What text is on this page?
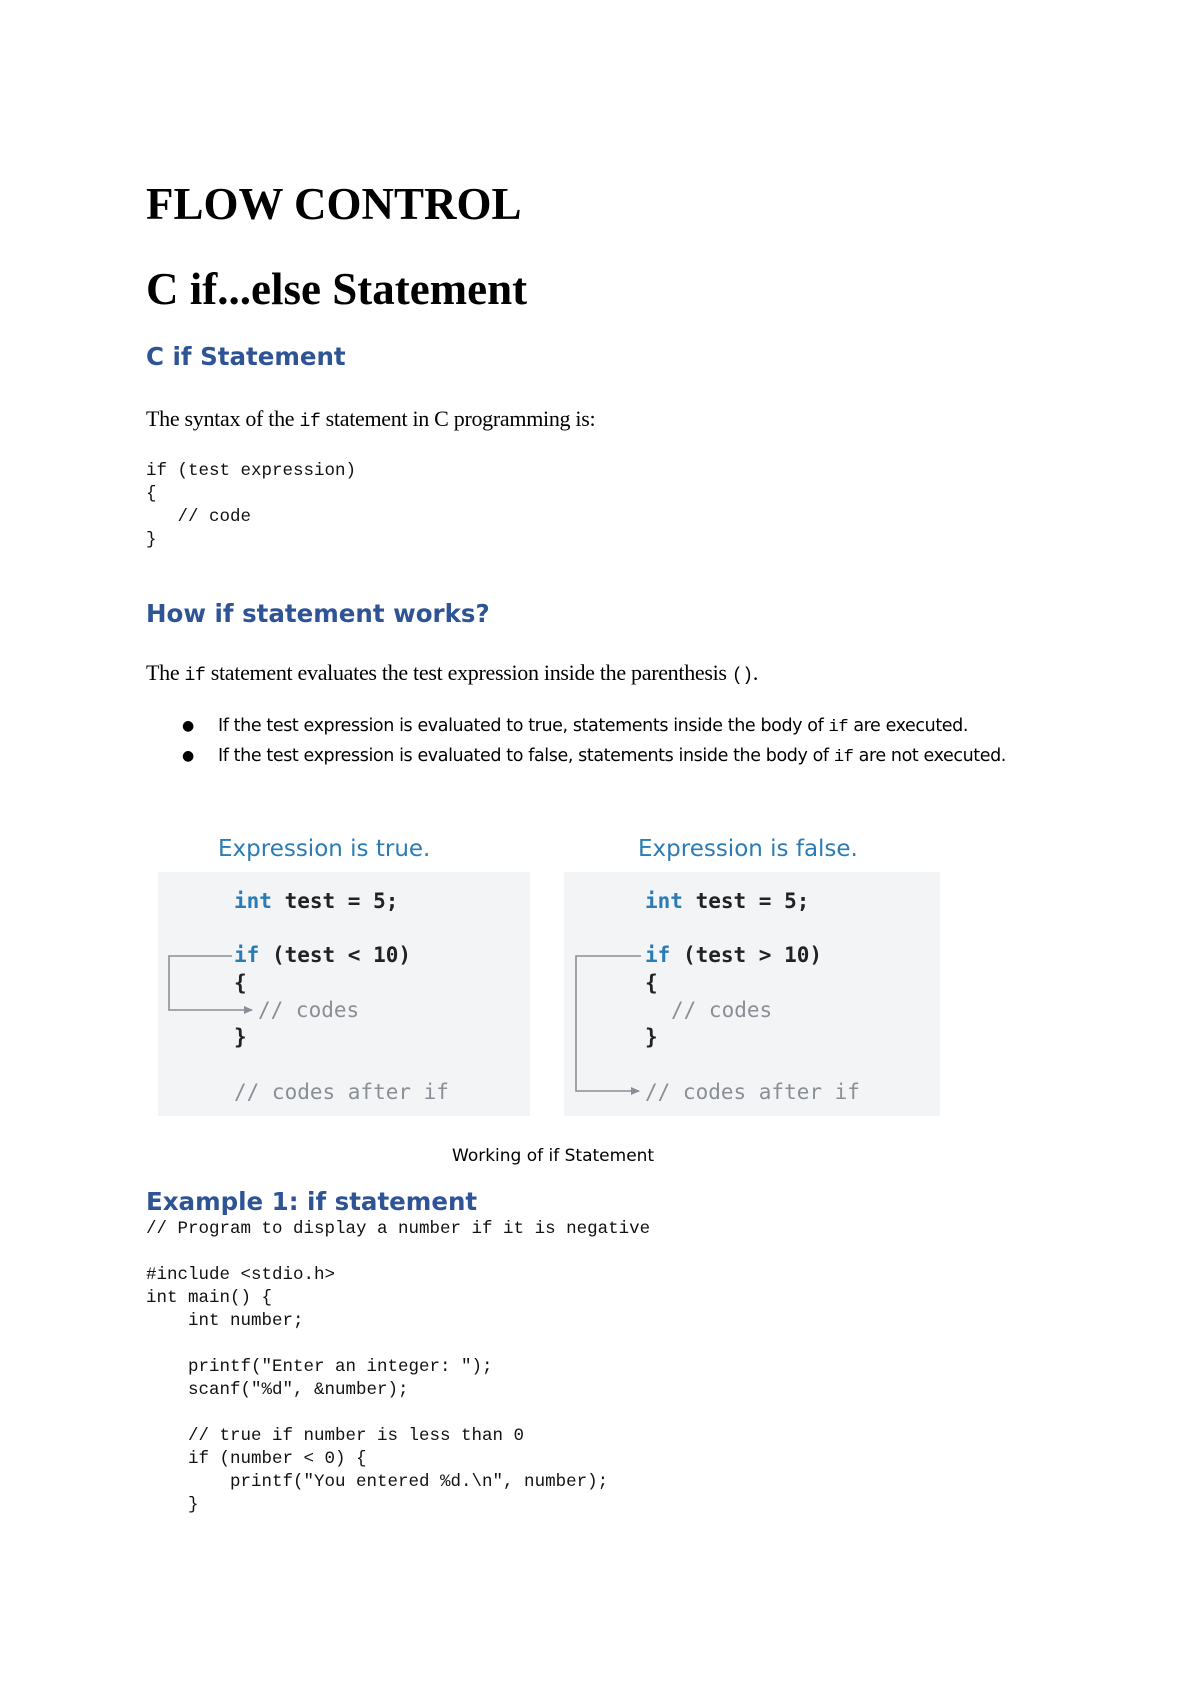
FLOW CONTROL
C if...else Statement
C if Statement

The syntax of the if statement in C programming is:

if (test expression)
{
// code
}
How if statement works?

The if statement evaluates the test expression inside the parenthesis ().

● If the test expression is evaluated to true, statements inside the body of if are executed.
● If the test expression is evaluated to false, statements inside the body of if are not executed.
Expression is true.
int test = 5;
if (test < 10)
{
// codes
}
// codes after if
Expression is false.
int test = 5;
if (test > 10)
{
// codes
}
// codes after if
Working of if Statement
Example 1: if statement
// Program to display a number if it is negative

#include <stdio.h>
int main() {
int number;

printf("Enter an integer: ");
scanf("%d", &number);

// true if number is less than 0
if (number < 0) {
printf("You entered %d.\n", number);
}
